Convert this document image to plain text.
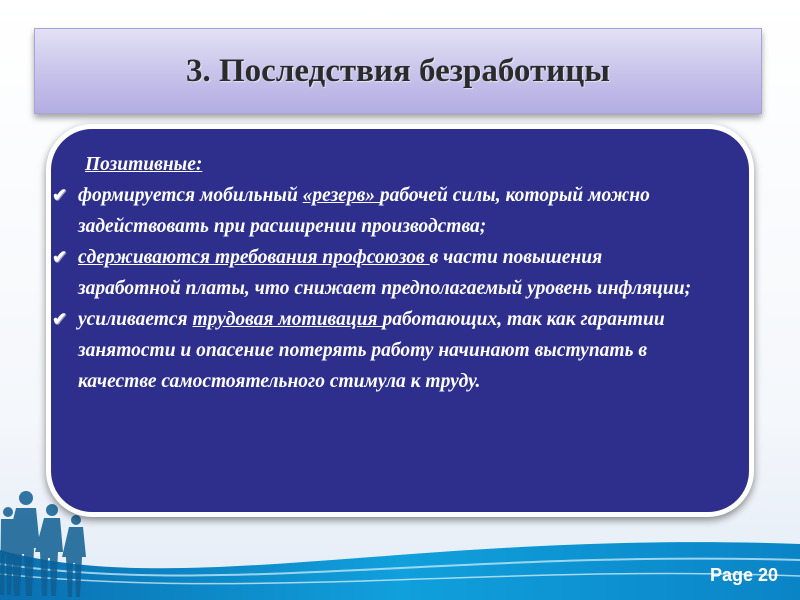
3. Последствия безработицы
Позитивные:
✔ формируется мобильный «резерв» рабочей силы, который можно задействовать при расширении производства;
✔ сдерживаются требования профсоюзов в части повышения заработной платы, что снижает предполагаемый уровень инфляции;
✔ усиливается трудовая мотивация работающих, так как гарантии занятости и опасение потерять работу начинают выступать в качестве самостоятельного стимула к труду.
Page 20
